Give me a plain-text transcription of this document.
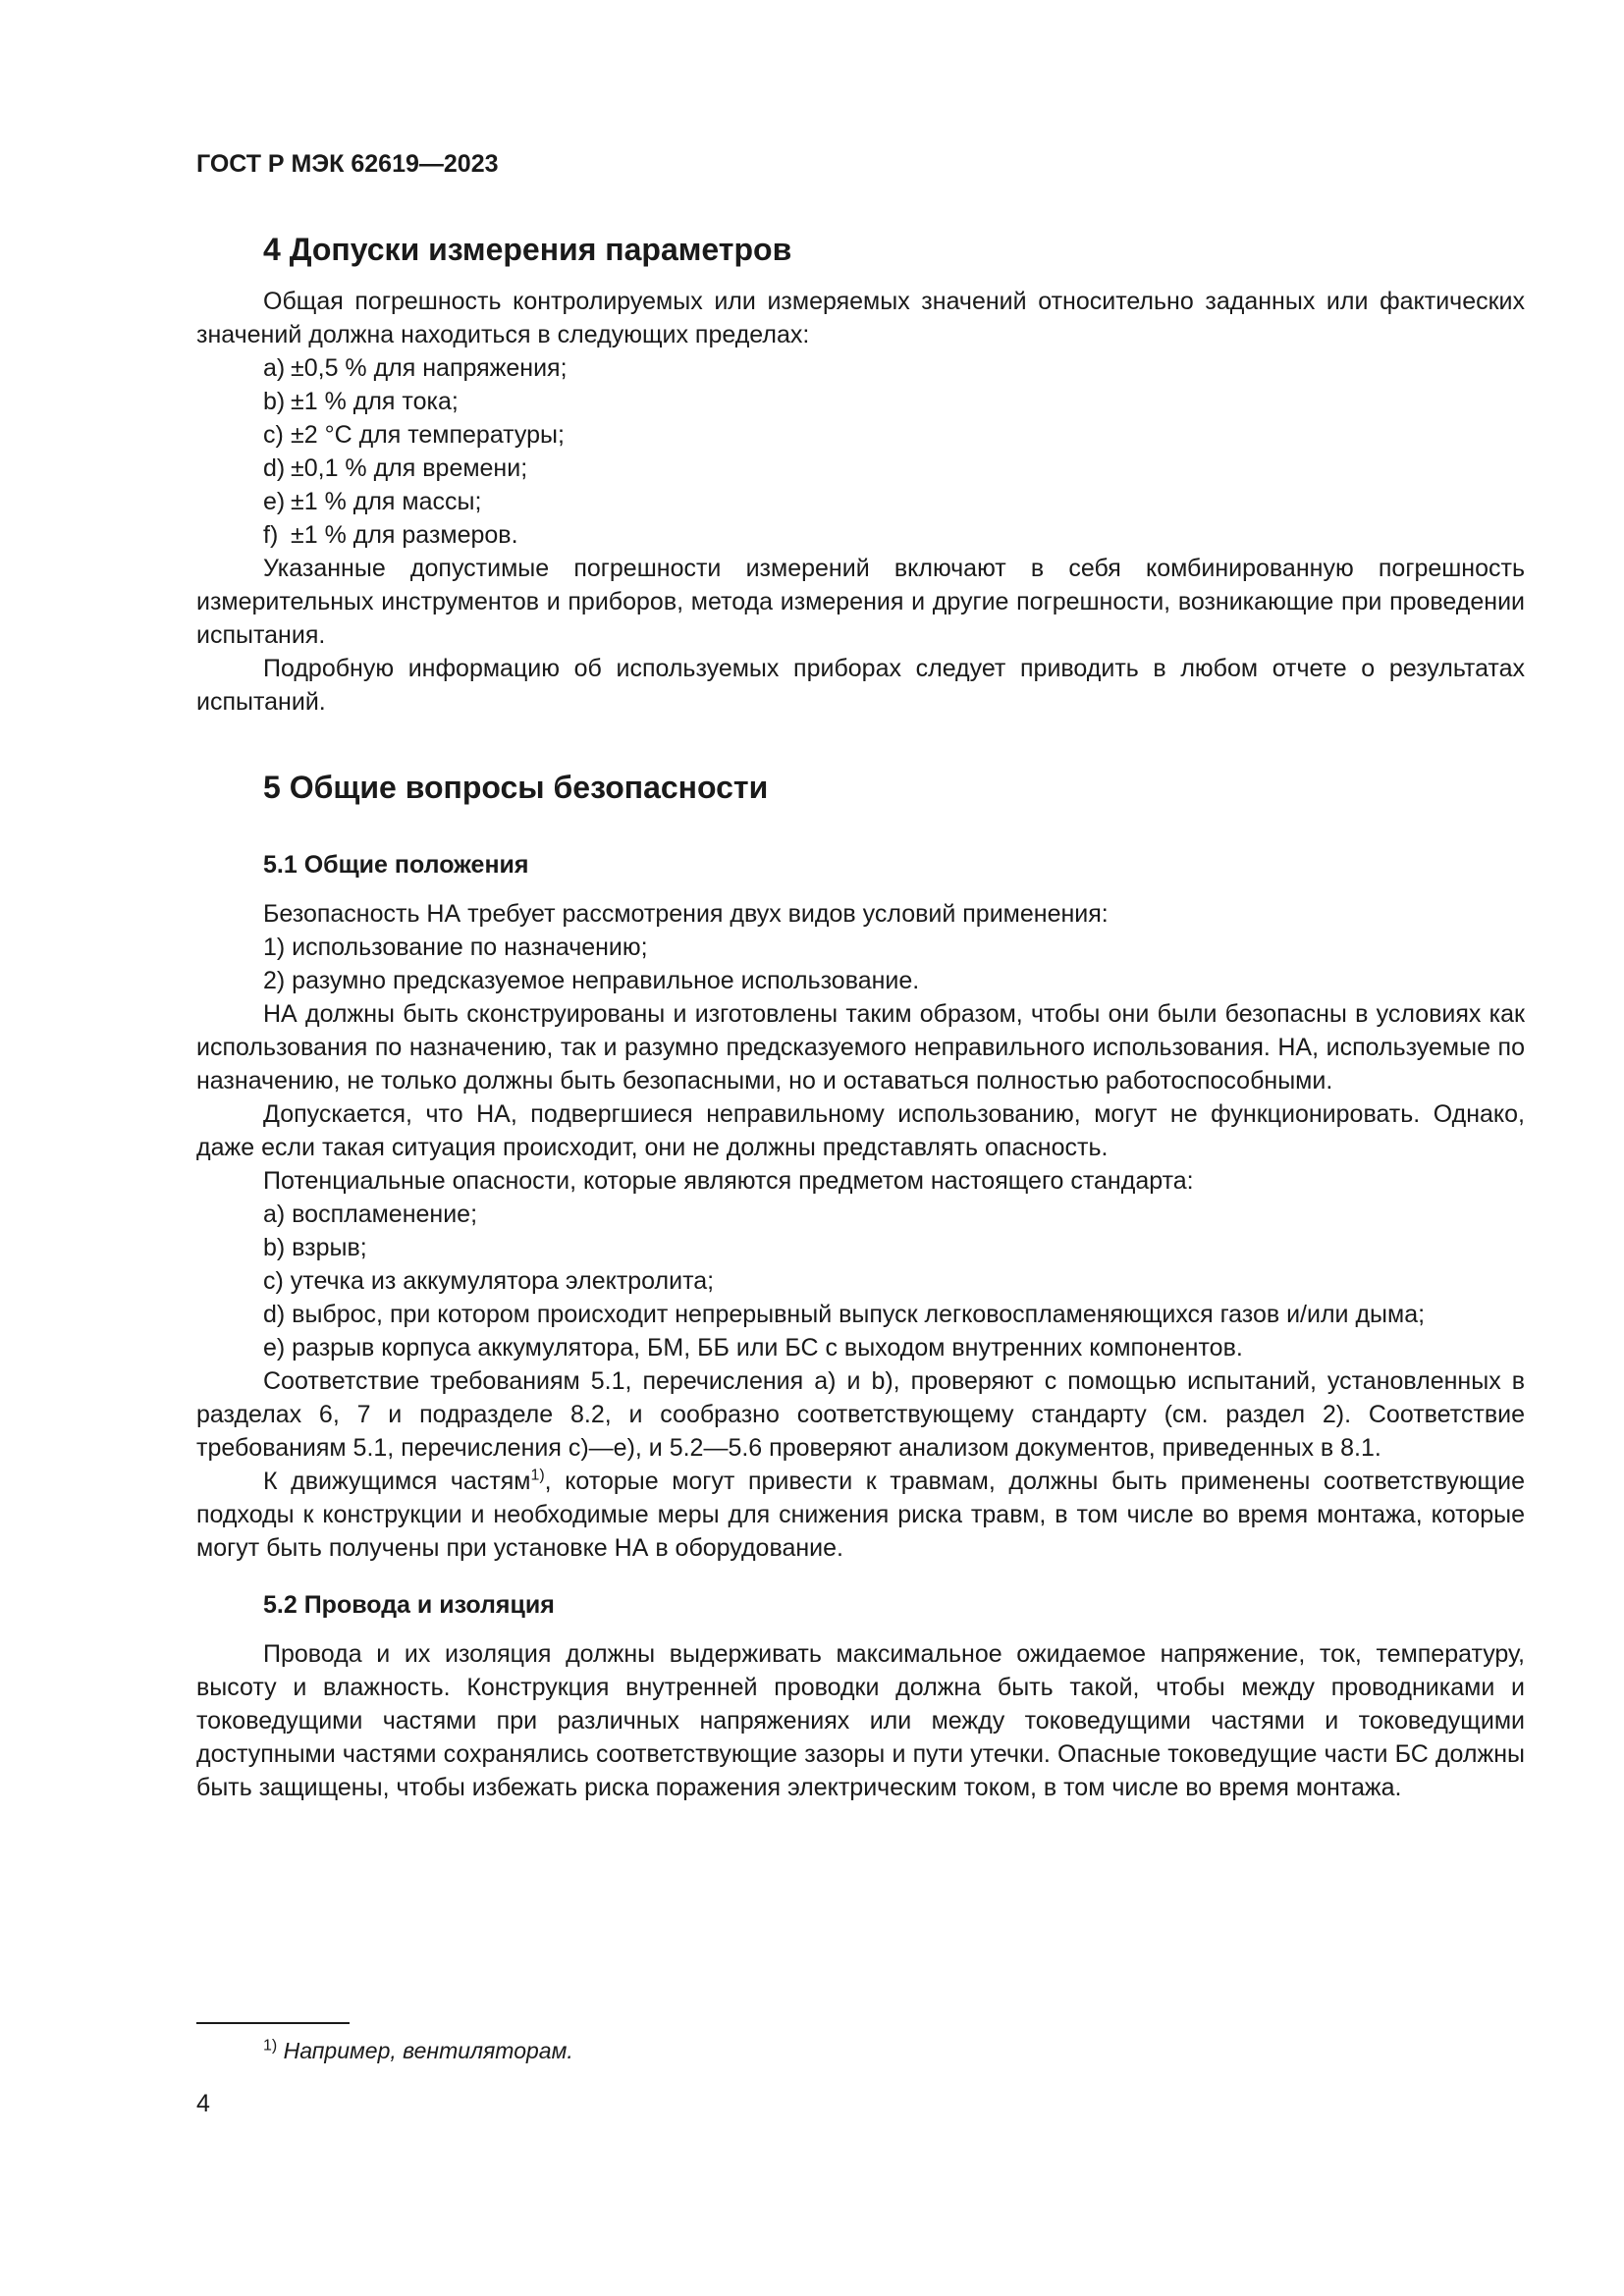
ГОСТ Р МЭК 62619—2023
4 Допуски измерения параметров

Общая погрешность контролируемых или измеряемых значений относительно заданных или фактических значений должна находиться в следующих пределах:

а) ±0,5 % для напряжения;
b) ±1 % для тока;
c) ±2 °С для температуры;
d) ±0,1 % для времени;
e) ±1 % для массы;
f) ±1 % для размеров.

Указанные допустимые погрешности измерений включают в себя комбинированную погрешность измерительных инструментов и приборов, метода измерения и другие погрешности, возникающие при проведении испытания.

Подробную информацию об используемых приборах следует приводить в любом отчете о результатах испытаний.

5 Общие вопросы безопасности
5.1 Общие положения

Безопасность НА требует рассмотрения двух видов условий применения:

1) использование по назначению;
2) разумно предсказуемое неправильное использование.

НА должны быть сконструированы и изготовлены таким образом, чтобы они были безопасны в условиях как использования по назначению, так и разумно предсказуемого неправильного использования. НА, используемые по назначению, не только должны быть безопасными, но и оставаться полностью работоспособными.

Допускается, что НА, подвергшиеся неправильному использованию, могут не функционировать. Однако, даже если такая ситуация происходит, они не должны представлять опасность.

Потенциальные опасности, которые являются предметом настоящего стандарта:

а) воспламенение;
b) взрыв;
c) утечка из аккумулятора электролита;

d) выброс, при котором происходит непрерывный выпуск легковоспламеняющихся газов и/или дыма;

e) разрыв корпуса аккумулятора, БМ, ББ или БС с выходом внутренних компонентов.

Соответствие требованиям 5.1, перечисления а) и b), проверяют с помощью испытаний, установленных в разделах 6, 7 и подразделе 8.2, и сообразно соответствующему стандарту (см. раздел 2). Соответствие требованиям 5.1, перечисления c)—e), и 5.2—5.6 проверяют анализом документов, приведенных в 8.1.

К движущимся частям$^{1)}$, которые могут привести к травмам, должны быть применены соответствующие подходы к конструкции и необходимые меры для снижения риска травм, в том числе во время монтажа, которые могут быть получены при установке НА в оборудование.

5.2 Провода и изоляция

Провода и их изоляция должны выдерживать максимальное ожидаемое напряжение, ток, температуру, высоту и влажность. Конструкция внутренней проводки должна быть такой, чтобы между проводниками и токоведущими частями при различных напряжениях или между токоведущими частями и токоведущими доступными частями сохранялись соответствующие зазоры и пути утечки. Опасные токоведущие части БС должны быть защищены, чтобы избежать риска поражения электрическим током, в том числе во время монтажа.

$^{1)}$ Например, вентиляторам.
4
